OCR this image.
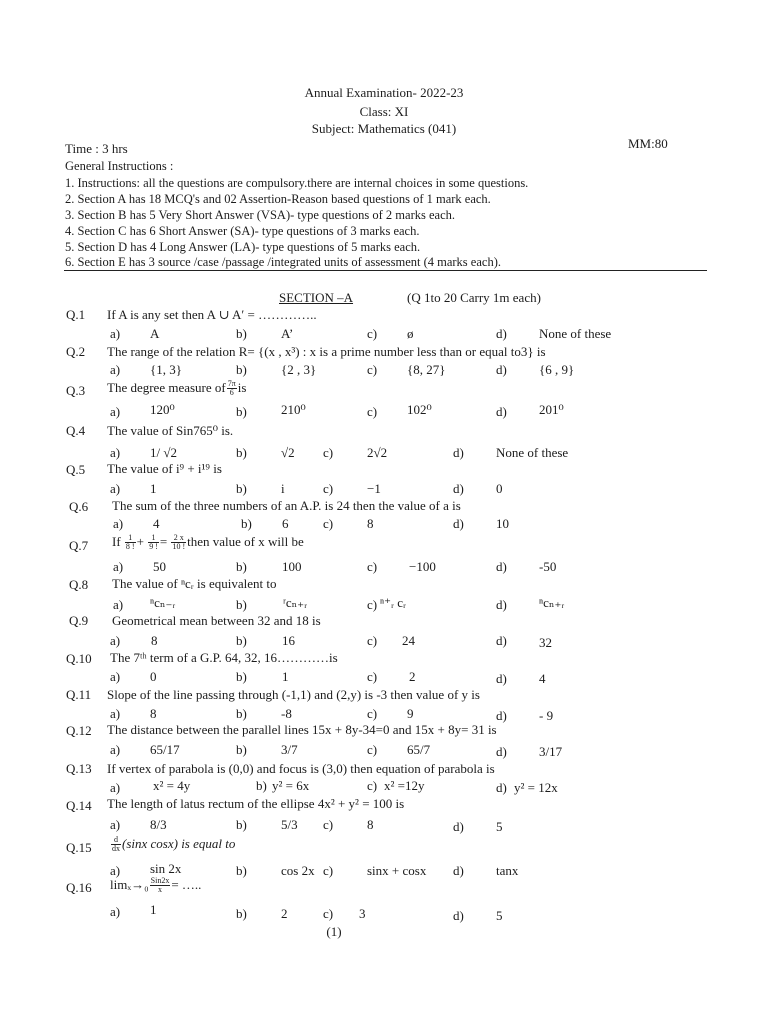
Annual Examination- 2022-23
Class: XI
Subject: Mathematics (041)
Time : 3 hrs	MM:80
General Instructions :
1. Instructions: all the questions are compulsory.there are internal choices in some questions.
2. Section A has 18 MCQ's and 02 Assertion-Reason based questions of 1 mark each.
3. Section B has 5 Very Short Answer (VSA)- type questions of 2 marks each.
4. Section C has 6 Short Answer (SA)- type questions of 3 marks each.
5. Section D has 4 Long Answer (LA)- type questions of 5 marks each.
6. Section E has 3 source /case /passage /integrated units of assessment (4 marks each).
SECTION –A	(Q 1to 20 Carry 1m each)
Q.1 If A is any set then A ∪ A′ = …………..
a) A	b)	A’	c) ø	d) None of these
Q.2 The range of the relation R= {(x , x³) : x is a prime number less than or equal to3} is
a) {1, 3}	b)	{2 , 3}	c) {8, 27}	d) {6 , 9}
Q.3 The degree measure of $\frac{7\pi}{6}$ is
a) 120⁰	b)	210⁰	c) 102⁰	d) 201⁰
Q.4 The value of Sin765⁰ is.
a) 1/ √2	b)	√2 c)	2√2	d) None of these
Q.5 The value of i⁹ + i¹⁹ is
a) 1	b)	i	c)	−1	d) 0
Q.6 The sum of the three numbers of an A.P. is 24 then the value of a is
a) 4	b) 6	c)	8	d) 10
Q.7 If $\frac{1}{8 !} + \frac{1}{9 !} = \frac{2 x}{10 !}$ then value of x will be
a) 50	b)	100	c) −100	d) -50
Q.8 The value of ⁿcᵣ is equivalent to
a) ⁿcₙ₋ᵣ	b)	ʳcₙ₊ᵣ	c) ⁿ⁺ᵣ cᵣ	d) ⁿcₙ₊ᵣ
Q.9 Geometrical mean between 32 and 18 is
a) 8	b)	16	c) 24	d) 32
Q.10 The 7ᵗʰ term of a G.P. 64, 32, 16…………is
a) 0	b)	1	c) 2	d) 4
Q.11 Slope of the line passing through (-1,1) and (2,y) is -3 then value of y is
a) 8	b)	-8	c) 9	d) - 9
Q.12 The distance between the parallel lines 15x + 8y-34=0 and 15x + 8y= 31 is
a) 65/17	b)	3/7	c) 65/7	d) 3/17
Q.13 If vertex of parabola is (0,0) and focus is (3,0) then equation of parabola is
a)	x² = 4y	b) y² = 6x	c) x² =12y	d) y² = 12x
Q.14 The length of latus rectum of the ellipse 4x² + y² = 100 is
a) 8/3	b)	5/3 c)	8	d) 5
$Q.15 \frac{d}{dx} (\sin x$ cosx) is equal to
a) sin 2x	b)	cos 2x c)	sinx + cosx d) tanx
Q.16 $\lim_x\to_0 \frac{\text{Sin2x}}{x}$ = …..
a) 1	b)	2	c) 3	d) 5
(1)
